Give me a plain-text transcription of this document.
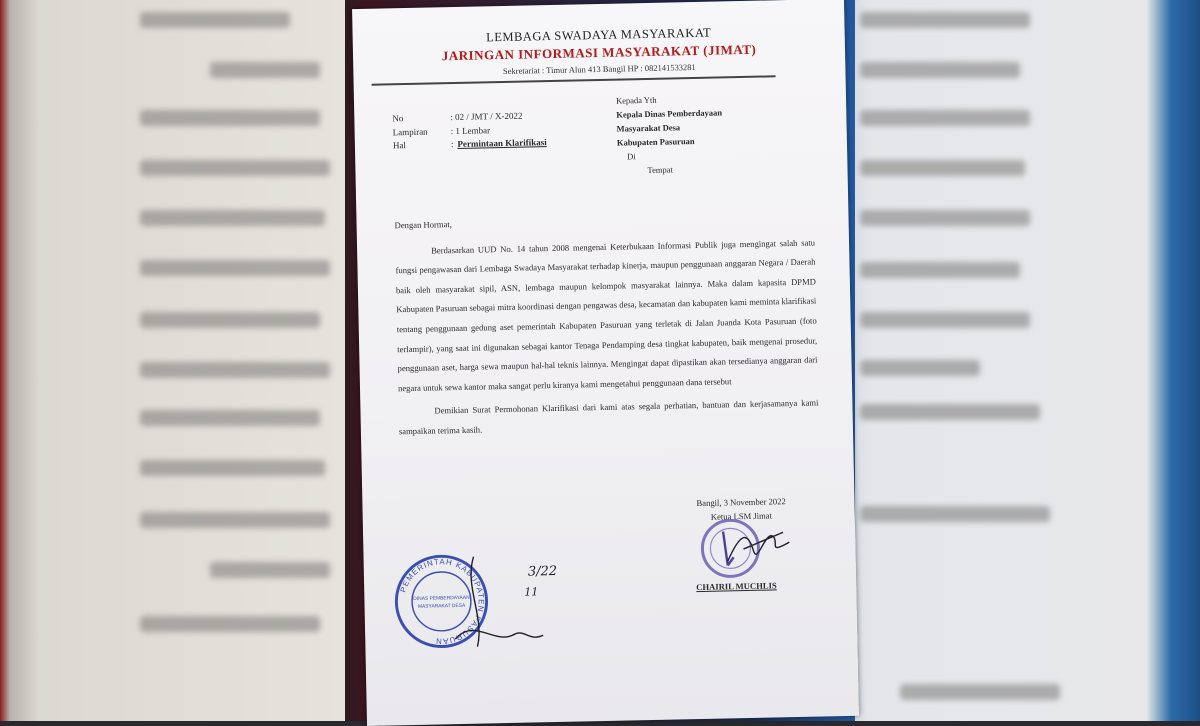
LEMBAGA SWADAYA MASYARAKAT
JARINGAN INFORMASI MASYARAKAT (JIMAT)
Sekretariat : Timur Alun 413 Bangil HP : 082141533281
No	: 02 / JMT / X-2022
Lampiran	: 1 Lembar
Hal	: Permintaan Klarifikasi
Kepada Yth
Kepala Dinas Pemberdayaan
Masyarakat Desa
Kabupaten Pasuruan
Di
Tempat

Dengan Hormat,

Berdasarkan UUD No. 14 tahun 2008 mengenai Keterbukaan Informasi Publik juga mengingat salah satu fungsi pengawasan dari Lembaga Swadaya Masyarakat terhadap kinerja, maupun penggunaan anggaran Negara / Daerah baik oleh masyarakat sipil, ASN, lembaga maupun kelompok masyarakat lainnya. Maka dalam kapasita DPMD Kabupaten Pasuruan sebagai mitra koordinasi dengan pengawas desa, kecamatan dan kabupaten kami meminta klarifikasi tentang penggunaan gedung aset pemerintah Kabupaten Pasuruan yang terletak di Jalan Juanda Kota Pasuruan (foto terlampir), yang saat ini digunakan sebagai kantor Tenaga Pendamping desa tingkat kabupaten, baik mengenai prosedur, penggunaan aset, harga sewa maupun hal-hal teknis lainnya. Mengingat dapat dipastikan akan tersedianya anggaran dari negara untuk sewa kantor maka sangat perlu kiranya kami mengetahui penggunaan dana tersebut

Demikian Surat Permohonan Klarifikasi dari kami atas segala perhatian, bantuan dan kerjasamanya kami sampaikan terima kasih.

Bangil, 3 November 2022
Ketua LSM Jimat
CHAIRIL MUCHLIS
PEMERINTAH KABUPATEN PASURUAN
DINAS PEMBERDAYAAN
MASYARAKAT DESA
3/22
11
